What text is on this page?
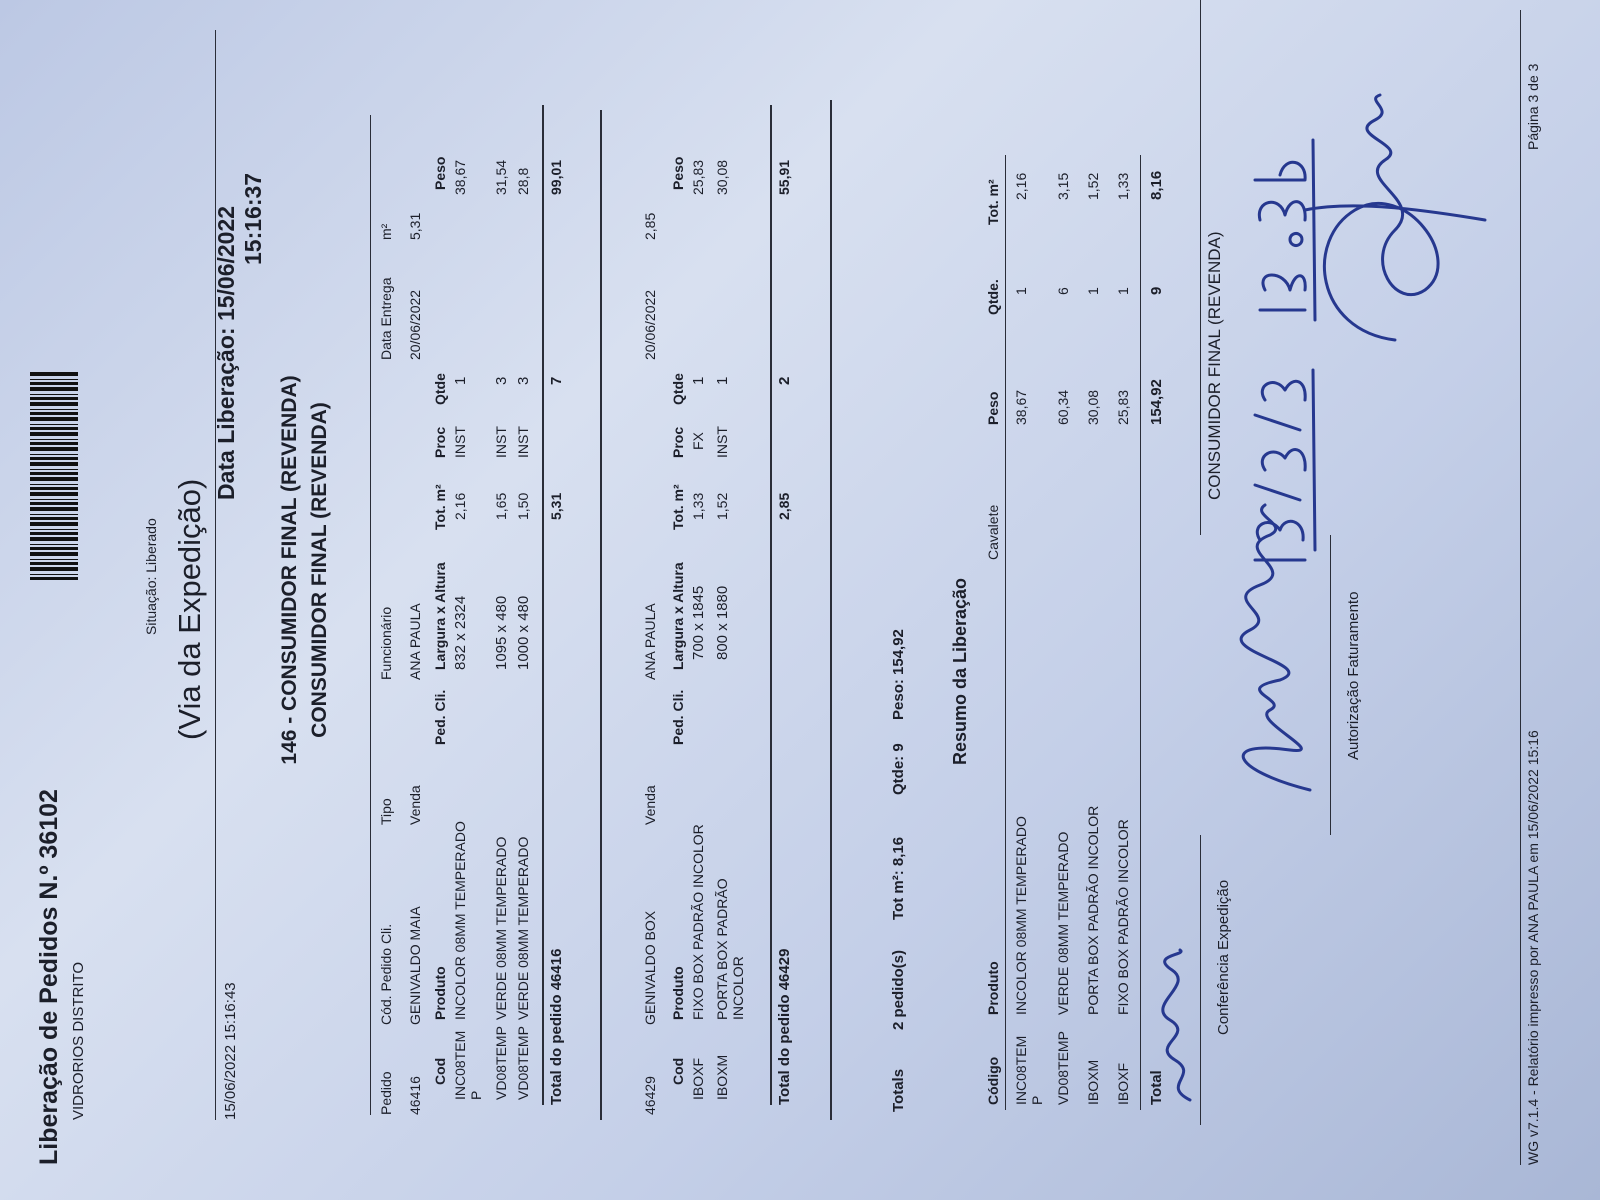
Liberação de Pedidos N.º 36102 VIDRORIOS DISTRITO
Situação: Liberado (Via da Expedição)
15/06/2022 15:16:43
Data Liberação: 15/06/2022 15:16:37
146 - CONSUMIDOR FINAL (REVENDA) CONSUMIDOR FINAL (REVENDA)
Pedido
Cód. Pedido Cli.
Tipo
Funcionário
Data Entrega
m²
46416
GENIVALDO MAIA
Venda
ANA PAULA
20/06/2022
5,31
Cod
Produto
Ped. Cli.
Largura x Altura
Tot. m²
Proc
Qtde
Peso
INC08TEM P
INCOLOR 08MM TEMPERADO
832 x 2324
2,16
INST
1
38,67
VD08TEMP
VERDE 08MM TEMPERADO
1095 x 480
1,65
INST
3
31,54
VD08TEMP
VERDE 08MM TEMPERADO
1000 x 480
1,50
INST
3
28,8
Total do pedido 46416
5,31
7
99,01
46429
GENIVALDO BOX
Venda
ANA PAULA
20/06/2022
2,85
Cod
Produto
Ped. Cli.
Largura x Altura
Tot. m²
Proc
Qtde
Peso
IBOXF
FIXO BOX PADRÃO INCOLOR
700 x 1845
1,33
FX
1
25,83
IBOXM
PORTA BOX PADRÃO INCOLOR
800 x 1880
1,52
INST
1
30,08
Total do pedido 46429
2,85
2
55,91
Totals
2 pedido(s)
Tot m²: 8,16
Qtde: 9
Peso: 154,92 Resumo da Liberação
Código
Produto
Cavalete
Peso
Qtde.
Tot. m²
INC08TEM P
INCOLOR 08MM TEMPERADO
38,67
1
2,16
VD08TEMP
VERDE 08MM TEMPERADO
60,34
6
3,15
IBOXM
PORTA BOX PADRÃO INCOLOR
30,08
1
1,52
IBOXF
FIXO BOX PADRÃO INCOLOR
25,83
1
1,33
Total
154,92
9
8,16
Conferência Expedição
Autorização Faturamento
CONSUMIDOR FINAL (REVENDA)
WG v7.1.4 - Relatório impresso por ANA PAULA em 15/06/2022 15:16
Página 3 de 3
